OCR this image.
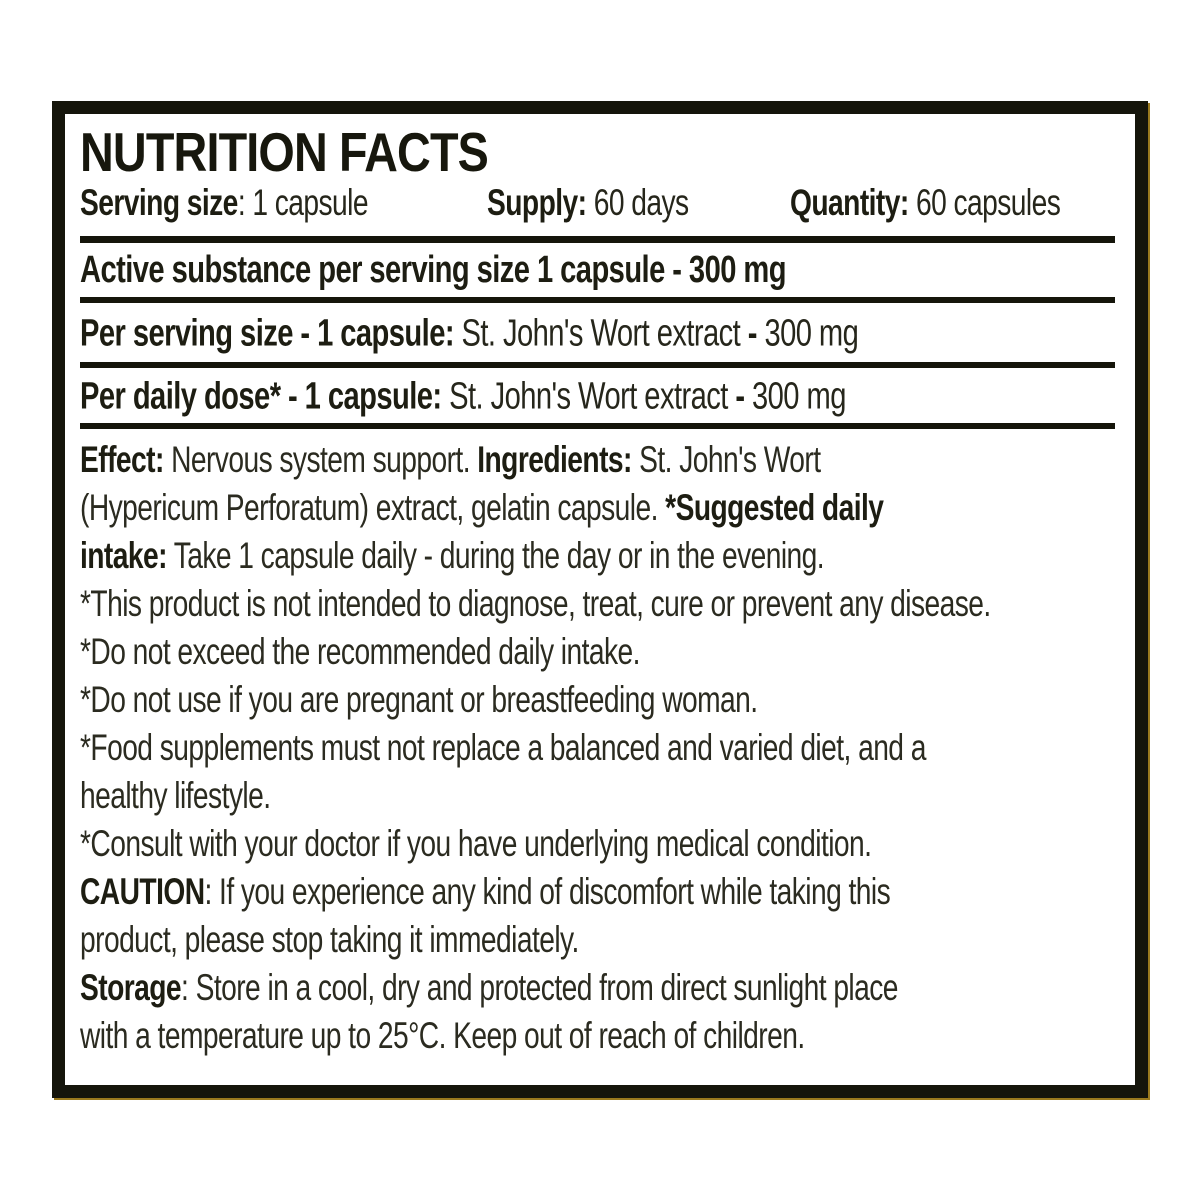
NUTRITION FACTS
Serving size: 1 capsule	Supply: 60 days	Quantity: 60 capsules
Active substance per serving size 1 capsule - 300 mg
Per serving size - 1 capsule: St. John's Wort extract - 300 mg
Per daily dose* - 1 capsule: St. John's Wort extract - 300 mg
Effect: Nervous system support. Ingredients: St. John's Wort
(Hypericum Perforatum) extract, gelatin capsule. *Suggested daily
intake: Take 1 capsule daily - during the day or in the evening.
*This product is not intended to diagnose, treat, cure or prevent any disease.
*Do not exceed the recommended daily intake.
*Do not use if you are pregnant or breastfeeding woman.
*Food supplements must not replace a balanced and varied diet, and a
healthy lifestyle.
*Consult with your doctor if you have underlying medical condition.
CAUTION: If you experience any kind of discomfort while taking this
product, please stop taking it immediately.
Storage: Store in a cool, dry and protected from direct sunlight place
with a temperature up to 25°C. Keep out of reach of children.
